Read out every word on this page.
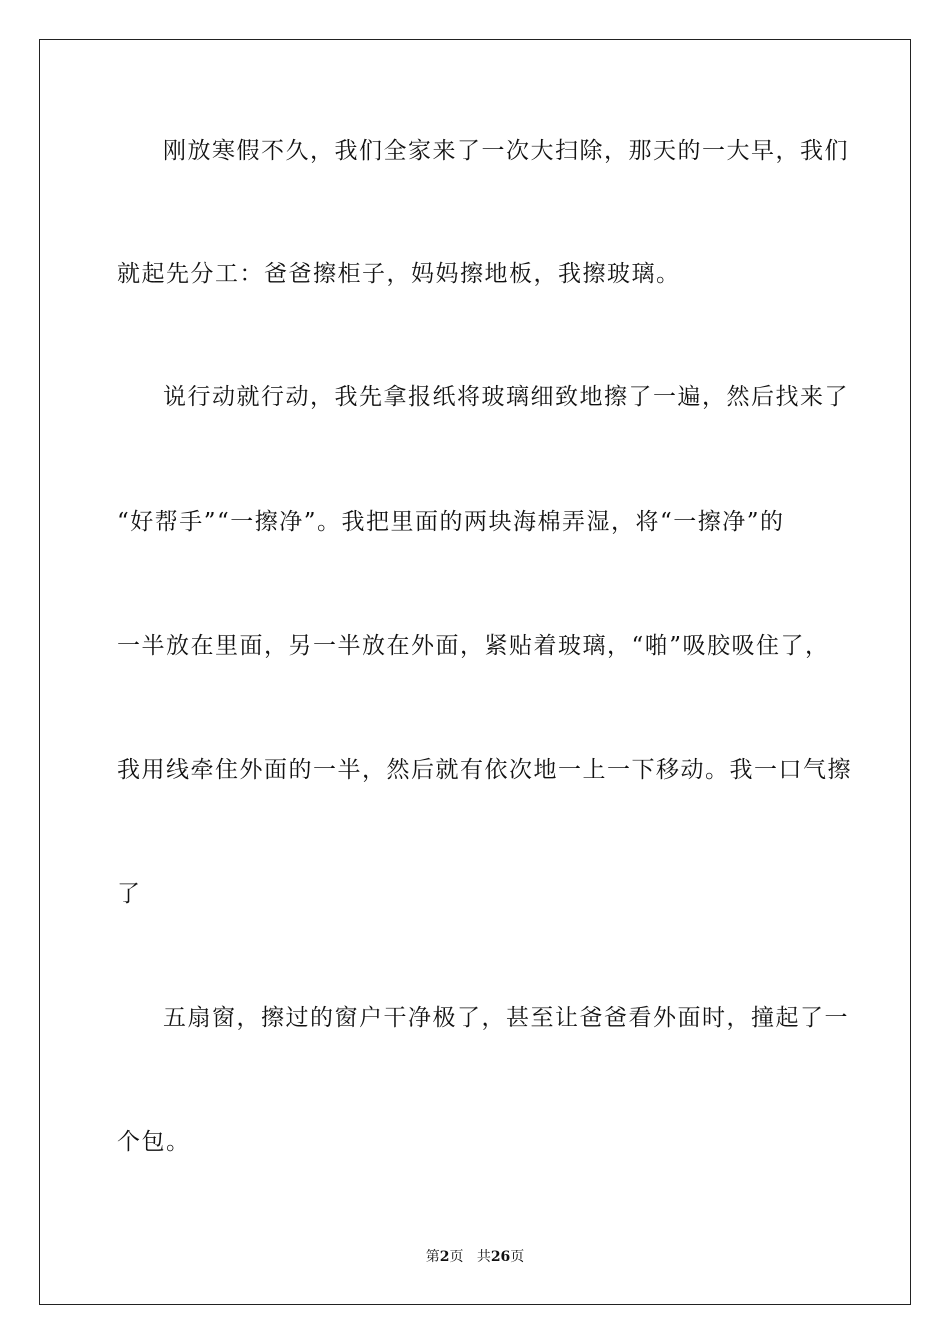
刚放寒假不久，我们全家来了一次大扫除，那天的一大早，我们
就起先分工：爸爸擦柜子，妈妈擦地板，我擦玻璃。
说行动就行动，我先拿报纸将玻璃细致地擦了一遍，然后找来了
“好帮手”“一擦净”。我把里面的两块海棉弄湿，将“一擦净”的
一半放在里面，另一半放在外面，紧贴着玻璃，“啪”吸胶吸住了，
我用线牵住外面的一半，然后就有依次地一上一下移动。我一口气擦
了
五扇窗，擦过的窗户干净极了，甚至让爸爸看外面时，撞起了一
个包。
第2页 共26页
